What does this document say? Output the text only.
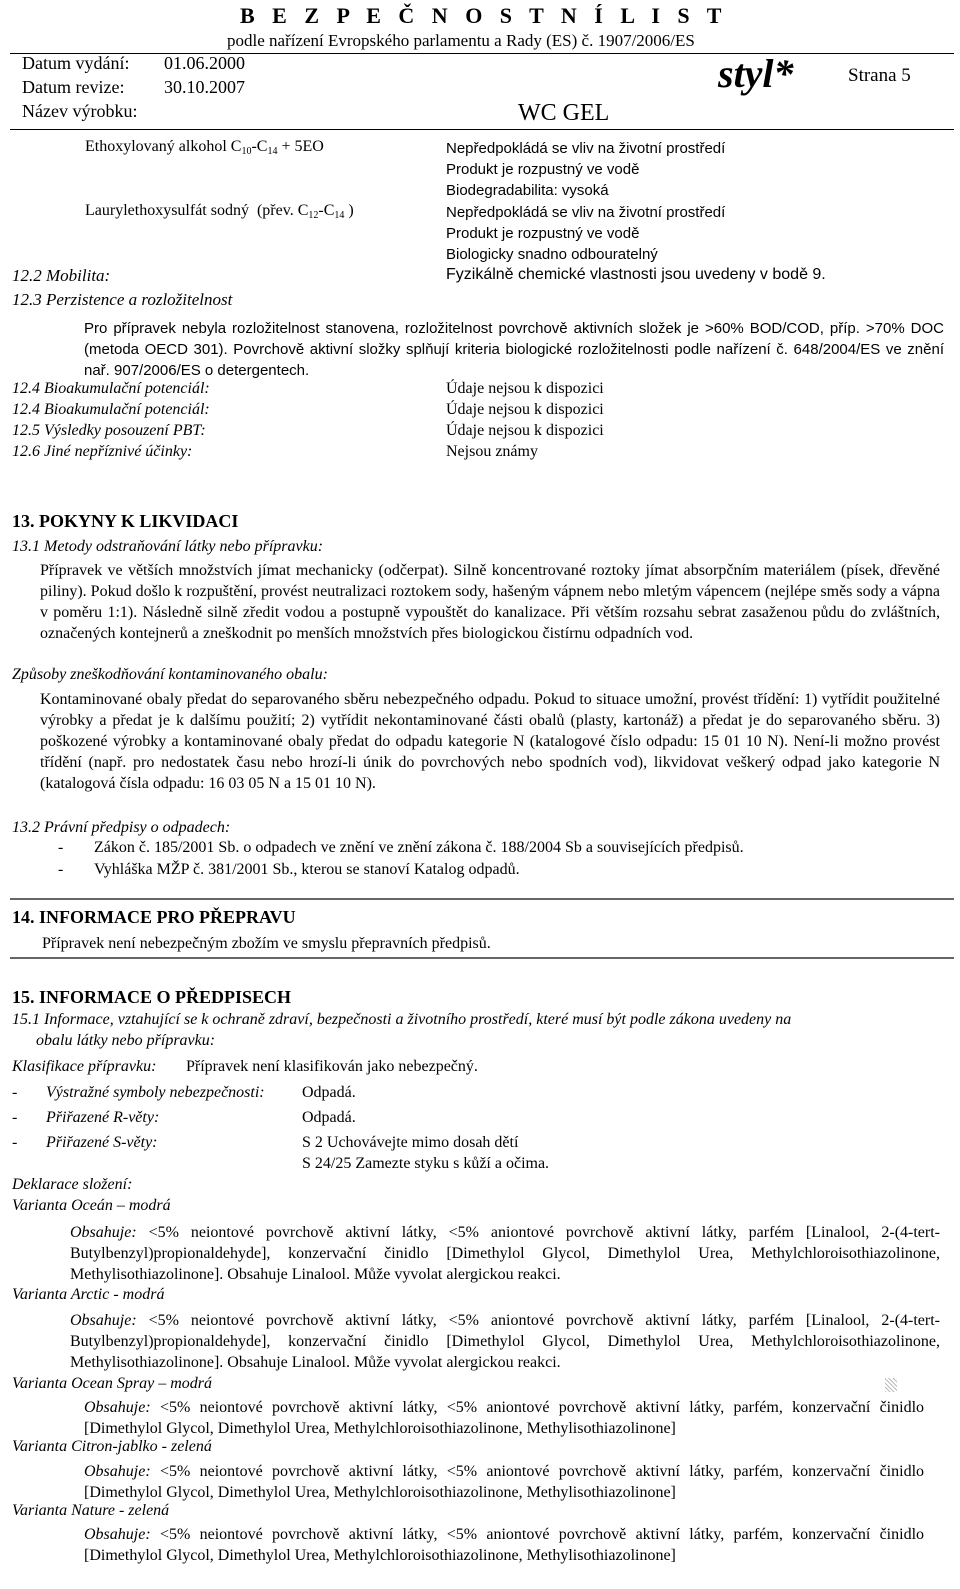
B E Z P E Č N O S T N Í L I S T
podle nařízení Evropského parlamentu a Rady (ES) č. 1907/2006/ES
Datum vydání: 01.06.2000
Datum revize: 30.10.2007	styl*	Strana 5
Název výrobku:	WC GEL
Ethoxylovaný alkohol $C_{10}-C_{14} + 5EO$	Nepředpokládá se vliv na životní prostředí
Produkt je rozpustný ve vodě
Biodegradabilita: vysoká
Laurylethoxysulfát sodný  (přev. $C_{12}-C_{14}$ )	Nepředpokládá se vliv na životní prostředí
Produkt je rozpustný ve vodě
Biologicky snadno odbouratelný
12.2 Mobilita:	Fyzikálně chemické vlastnosti jsou uvedeny v bodě 9.
12.3 Perzistence a rozložitelnost
Pro přípravek nebyla rozložitelnost stanovena, rozložitelnost povrchově aktivních složek je >60% BOD/COD, příp. >70% DOC (metoda OECD 301). Povrchově aktivní složky splňují kriteria biologické rozložitelnosti podle nařízení č. 648/2004/ES ve znění nař. 907/2006/ES o detergentech.
12.4 Bioakumulační potenciál:	Údaje nejsou k dispozici
12.4 Bioakumulační potenciál:	Údaje nejsou k dispozici
12.5 Výsledky posouzení PBT:	Údaje nejsou k dispozici
12.6 Jiné nepříznivé účinky:	Nejsou známy
13. POKYNY K LIKVIDACI
13.1 Metody odstraňování látky nebo přípravku:
Přípravek ve větších množstvích jímat mechanicky (odčerpat). Silně koncentrované roztoky jímat absorpčním materiálem (písek, dřevěné piliny). Pokud došlo k rozpuštění, provést neutralizaci roztokem sody, hašeným vápnem nebo mletým vápencem (nejlépe směs sody a vápna v poměru 1:1). Následně silně zředit vodou a postupně vypouštět do kanalizace. Při větším rozsahu sebrat zasaženou půdu do zvláštních, označených kontejnerů a zneškodnit po menších množstvích přes biologickou čistírnu odpadních vod.
Způsoby zneškodňování kontaminovaného obalu:
Kontaminované obaly předat do separovaného sběru nebezpečného odpadu. Pokud to situace umožní, provést třídění: 1) vytřídit použitelné výrobky a předat je k dalšímu použití; 2) vytřídit nekontaminované části obalů (plasty, kartonáž) a předat je do separovaného sběru. 3) poškozené výrobky a kontaminované obaly předat do odpadu kategorie N (katalogové číslo odpadu: 15 01 10 N). Není-li možno provést třídění (např. pro nedostatek času nebo hrozí-li únik do povrchových nebo spodních vod), likvidovat veškerý odpad jako kategorie N (katalogová čísla odpadu: 16 03 05 N a 15 01 10 N).
13.2 Právní předpisy o odpadech:
- Zákon č. 185/2001 Sb. o odpadech ve znění ve znění zákona č. 188/2004 Sb a souvisejících předpisů.
- Vyhláška MŽP č. 381/2001 Sb., kterou se stanoví Katalog odpadů.
14. INFORMACE PRO PŘEPRAVU
Přípravek není nebezpečným zbožím ve smyslu přepravních předpisů.
15. INFORMACE O PŘEDPISECH
15.1 Informace, vztahující se k ochraně zdraví, bezpečnosti a životního prostředí, které musí být podle zákona uvedeny na
obalu látky nebo přípravku:
Klasifikace přípravku: Přípravek není klasifikován jako nebezpečný.
- Výstražné symboly nebezpečnosti: Odpadá.
- Přiřazené R-věty:	Odpadá.
- Přiřazené S-věty:	S 2 Uchovávejte mimo dosah dětí
S 24/25 Zamezte styku s kůží a očima.
Deklarace složení:
Varianta Oceán – modrá
Obsahuje: <5% neiontové povrchově aktivní látky, <5% aniontové povrchově aktivní látky, parfém [Linalool, 2-(4-tert-Butylbenzyl)propionaldehyde], konzervační činidlo [Dimethylol Glycol, Dimethylol Urea, Methylchloroisothiazolinone, Methylisothiazolinone]. Obsahuje Linalool. Může vyvolat alergickou reakci.
Varianta Arctic - modrá
Obsahuje: <5% neiontové povrchově aktivní látky, <5% aniontové povrchově aktivní látky, parfém [Linalool, 2-(4-tert-Butylbenzyl)propionaldehyde], konzervační činidlo [Dimethylol Glycol, Dimethylol Urea, Methylchloroisothiazolinone, Methylisothiazolinone]. Obsahuje Linalool. Může vyvolat alergickou reakci.
Varianta Ocean Spray – modrá
Obsahuje: <5% neiontové povrchově aktivní látky, <5% aniontové povrchově aktivní látky, parfém, konzervační činidlo [Dimethylol Glycol, Dimethylol Urea, Methylchloroisothiazolinone, Methylisothiazolinone]
Varianta Citron-jablko - zelená
Obsahuje: <5% neiontové povrchově aktivní látky, <5% aniontové povrchově aktivní látky, parfém, konzervační činidlo [Dimethylol Glycol, Dimethylol Urea, Methylchloroisothiazolinone, Methylisothiazolinone]
Varianta Nature - zelená
Obsahuje: <5% neiontové povrchově aktivní látky, <5% aniontové povrchově aktivní látky, parfém, konzervační činidlo [Dimethylol Glycol, Dimethylol Urea, Methylchloroisothiazolinone, Methylisothiazolinone]
